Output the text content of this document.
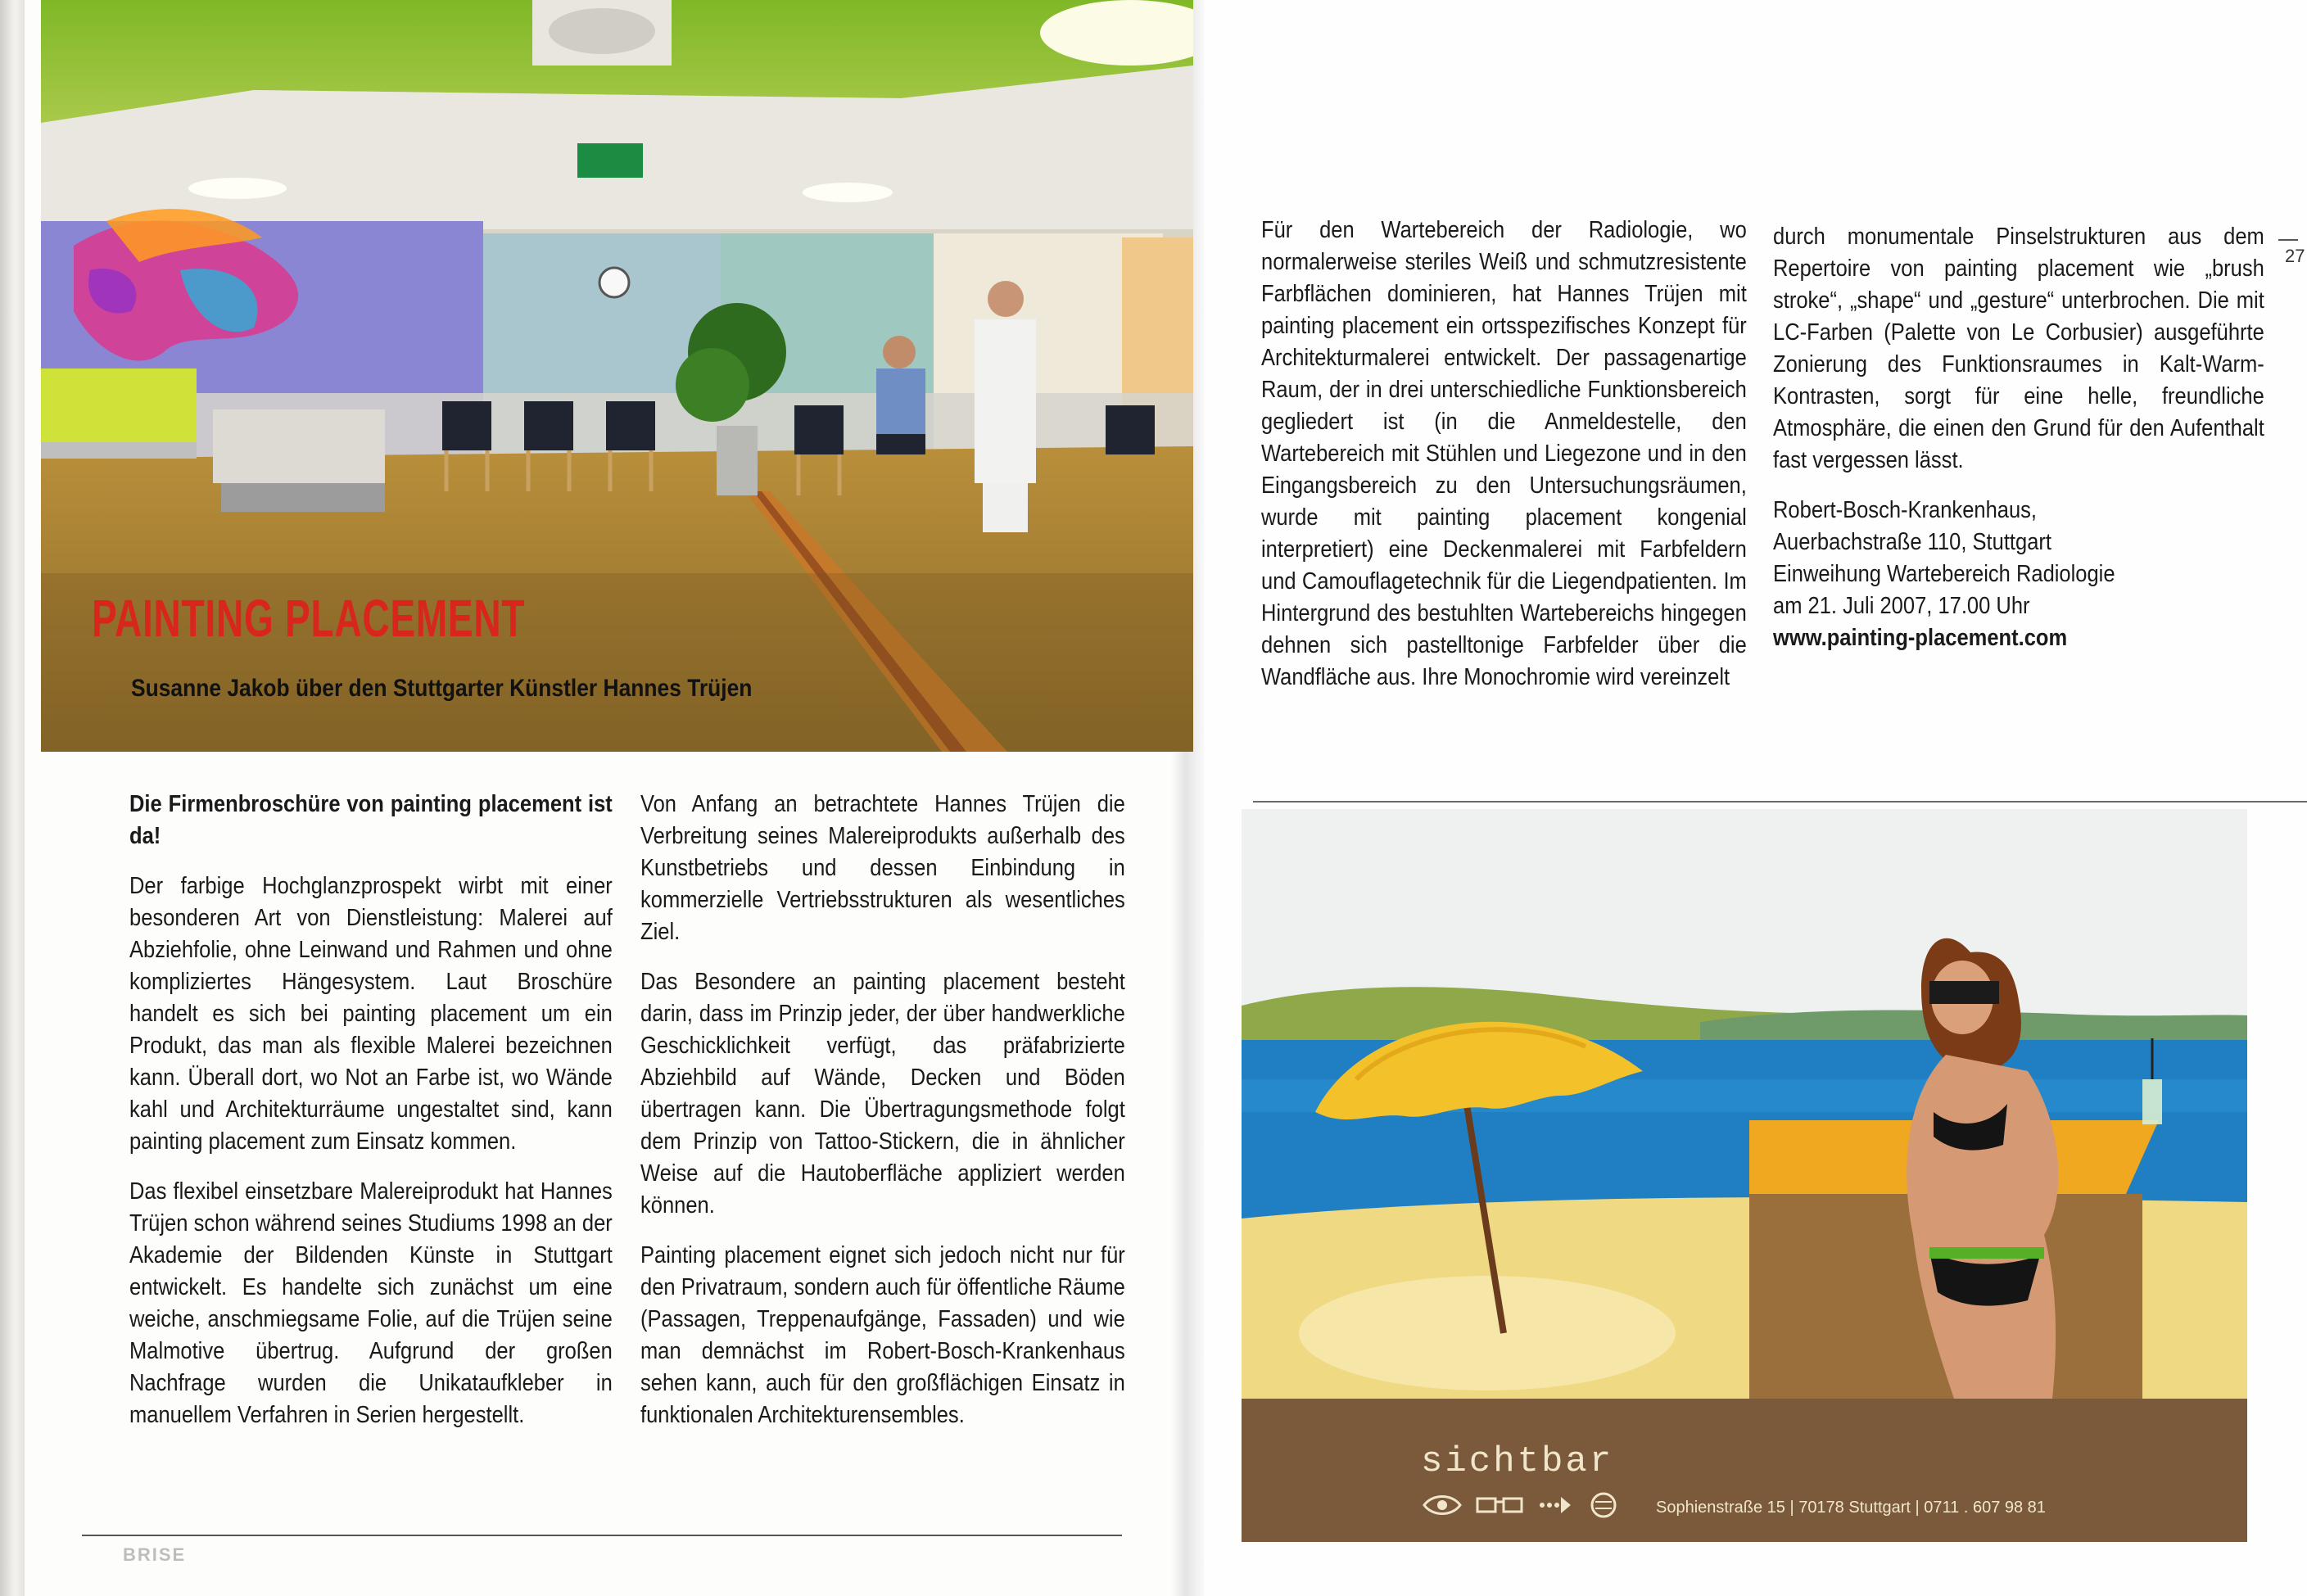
PAINTING PLACEMENT
Susanne Jakob über den Stuttgarter Künstler Hannes Trüjen

Die Firmenbroschüre von painting placement ist da!

Der farbige Hochglanzprospekt wirbt mit einer besonderen Art von Dienstleistung: Malerei auf Abziehfolie, ohne Leinwand und Rahmen und ohne kompliziertes Hängesystem. Laut Broschüre handelt es sich bei painting placement um ein Produkt, das man als flexible Malerei bezeichnen kann. Überall dort, wo Not an Farbe ist, wo Wände kahl und Architekturräume ungestaltet sind, kann painting placement zum Einsatz kommen.

Das flexibel einsetzbare Malereiprodukt hat Hannes Trüjen schon während seines Studiums 1998 an der Akademie der Bildenden Künste in Stuttgart entwickelt. Es handelte sich zunächst um eine weiche, anschmiegsame Folie, auf die Trüjen seine Malmotive übertrug. Aufgrund der großen Nachfrage wurden die Unikataufkleber in manuellem Verfahren in Serien hergestellt.

Von Anfang an betrachtete Hannes Trüjen die Verbreitung seines Malereiprodukts außerhalb des Kunstbetriebs und dessen Einbindung in kommerzielle Vertriebsstrukturen als wesentliches Ziel.

Das Besondere an painting placement besteht darin, dass im Prinzip jeder, der über handwerkliche Geschicklichkeit verfügt, das präfabrizierte Abziehbild auf Wände, Decken und Böden übertragen kann. Die Übertragungsmethode folgt dem Prinzip von Tattoo-Stickern, die in ähnlicher Weise auf die Hautoberfläche appliziert werden können.

Painting placement eignet sich jedoch nicht nur für den Privatraum, sondern auch für öffentliche Räume (Passagen, Treppenaufgänge, Fassaden) und wie man demnächst im Robert-Bosch-Krankenhaus sehen kann, auch für den großflächigen Einsatz in funktionalen Architekturensembles.

Für den Wartebereich der Radiologie, wo normalerweise steriles Weiß und schmutzresistente Farbflächen dominieren, hat Hannes Trüjen mit painting placement ein ortsspezifisches Konzept für Architekturmalerei entwickelt. Der passagenartige Raum, der in drei unterschiedliche Funktionsbereich gegliedert ist (in die Anmeldestelle, den Wartebereich mit Stühlen und Liegezone und in den Eingangsbereich zu den Untersuchungsräumen, wurde mit painting placement kongenial interpretiert) eine Deckenmalerei mit Farbfeldern und Camouflagetechnik für die Liegendpatienten. Im Hintergrund des bestuhlten Wartebereichs hingegen dehnen sich pastelltonige Farbfelder über die Wandfläche aus. Ihre Monochromie wird vereinzelt

durch monumentale Pinselstrukturen aus dem Repertoire von painting placement wie „brush stroke“, „shape“ und „gesture“ unterbrochen. Die mit LC-Farben (Palette von Le Corbusier) ausgeführte Zonierung des Funktionsraumes in Kalt-Warm-Kontrasten, sorgt für eine helle, freundliche Atmosphäre, die einen den Grund für den Aufenthalt fast vergessen lässt.

Robert-Bosch-Krankenhaus,

Auerbachstraße 110, Stuttgart

Einweihung Wartebereich Radiologie

am 21. Juli 2007, 17.00 Uhr

www.painting-placement.com

27
BRISE

sichtbar

Sophienstraße 15 | 70178 Stuttgart | 0711 . 607 98 81
